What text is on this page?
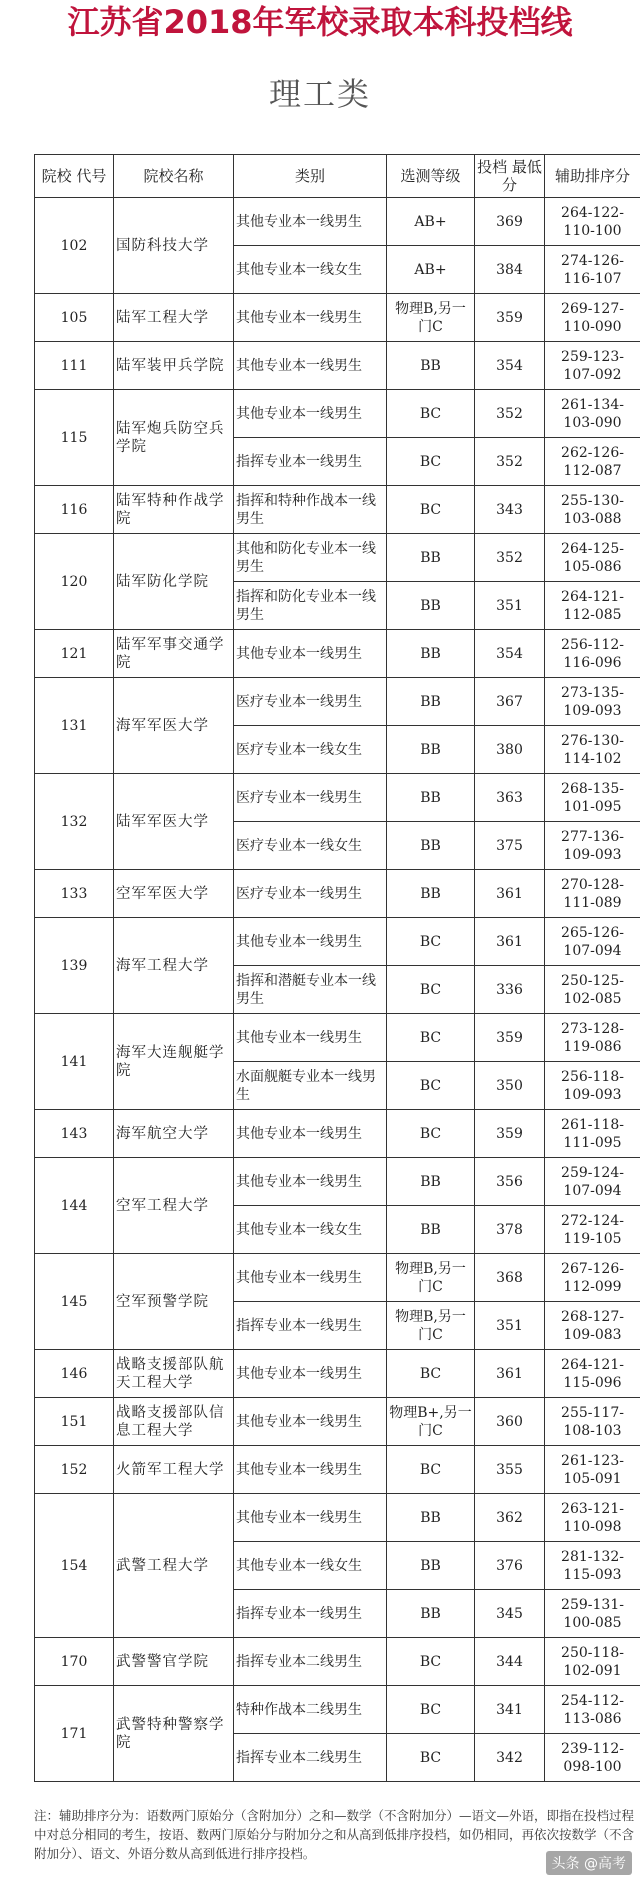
江苏省2018年军校录取本科投档线
理工类
院校 代号	院校名称	类别	选测等级	投档 最低分	辅助排序分
102	国防科技大学	其他专业本一线男生	AB+	369	264-122-110-100
		其他专业本一线女生	AB+	384	274-126-116-107
105	陆军工程大学	其他专业本一线男生	物理B,另一门C	359	269-127-110-090
111	陆军装甲兵学院	其他专业本一线男生	BB	354	259-123-107-092
115	陆军炮兵防空兵学院	其他专业本一线男生	BC	352	261-134-103-090
		指挥专业本一线男生	BC	352	262-126-112-087
116	陆军特种作战学院	指挥和特种作战本一线男生	BC	343	255-130-103-088
120	陆军防化学院	其他和防化专业本一线男生	BB	352	264-125-105-086
		指挥和防化专业本一线男生	BB	351	264-121-112-085
121	陆军军事交通学院	其他专业本一线男生	BB	354	256-112-116-096
131	海军军医大学	医疗专业本一线男生	BB	367	273-135-109-093
		医疗专业本一线女生	BB	380	276-130-114-102
132	陆军军医大学	医疗专业本一线男生	BB	363	268-135-101-095
		医疗专业本一线女生	BB	375	277-136-109-093
133	空军军医大学	医疗专业本一线男生	BB	361	270-128-111-089
139	海军工程大学	其他专业本一线男生	BC	361	265-126-107-094
		指挥和潜艇专业本一线男生	BC	336	250-125-102-085
141	海军大连舰艇学院	其他专业本一线男生	BC	359	273-128-119-086
		水面舰艇专业本一线男生	BC	350	256-118-109-093
143	海军航空大学	其他专业本一线男生	BC	359	261-118-111-095
144	空军工程大学	其他专业本一线男生	BB	356	259-124-107-094
		其他专业本一线女生	BB	378	272-124-119-105
145	空军预警学院	其他专业本一线男生	物理B,另一门C	368	267-126-112-099
		指挥专业本一线男生	物理B,另一门C	351	268-127-109-083
146	战略支援部队航天工程大学	其他专业本一线男生	BC	361	264-121-115-096
151	战略支援部队信息工程大学	其他专业本一线男生	物理B+,另一门C	360	255-117-108-103
152	火箭军工程大学	其他专业本一线男生	BC	355	261-123-105-091
154	武警工程大学	其他专业本一线男生	BB	362	263-121-110-098
		其他专业本一线女生	BB	376	281-132-115-093
		指挥专业本一线男生	BB	345	259-131-100-085
170	武警警官学院	指挥专业本二线男生	BC	344	250-118-102-091
171	武警特种警察学院	特种作战本二线男生	BC	341	254-112-113-086
		指挥专业本二线男生	BC	342	239-112-098-100
注：辅助排序分为：语数两门原始分（含附加分）之和—数学（不含附加分）—语文—外语，即指在投档过程中对总分相同的考生，按语、数两门原始分与附加分之和从高到低排序投档，如仍相同，再依次按数学（不含附加分）、语文、外语分数从高到低进行排序投档。
头条 @高考
